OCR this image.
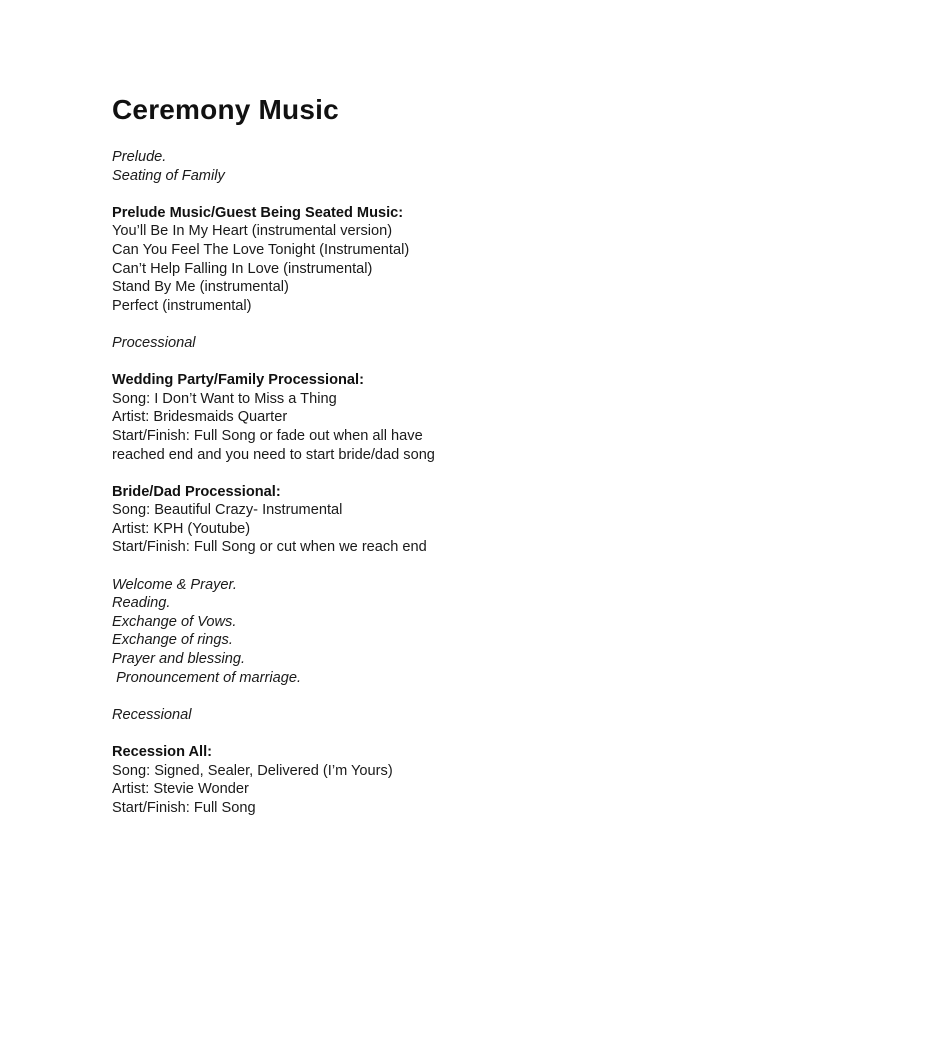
Ceremony Music

Prelude.

Seating of Family

Prelude Music/Guest Being Seated Music:

You’ll Be In My Heart (instrumental version)

Can You Feel The Love Tonight (Instrumental)

Can’t Help Falling In Love (instrumental)

Stand By Me (instrumental)

Perfect (instrumental)

Processional

Wedding Party/Family Processional:

Song: I Don’t Want to Miss a Thing

Artist: Bridesmaids Quarter

Start/Finish: Full Song or fade out when all have reached end and you need to start bride/dad song

Bride/Dad Processional:

Song: Beautiful Crazy- Instrumental

Artist: KPH (Youtube)

Start/Finish: Full Song or cut when we reach end

Welcome & Prayer.

Reading.

Exchange of Vows.

Exchange of rings.

Prayer and blessing.

Pronouncement of marriage.

Recessional

Recession All:

Song: Signed, Sealer, Delivered (I’m Yours)

Artist: Stevie Wonder

Start/Finish: Full Song
